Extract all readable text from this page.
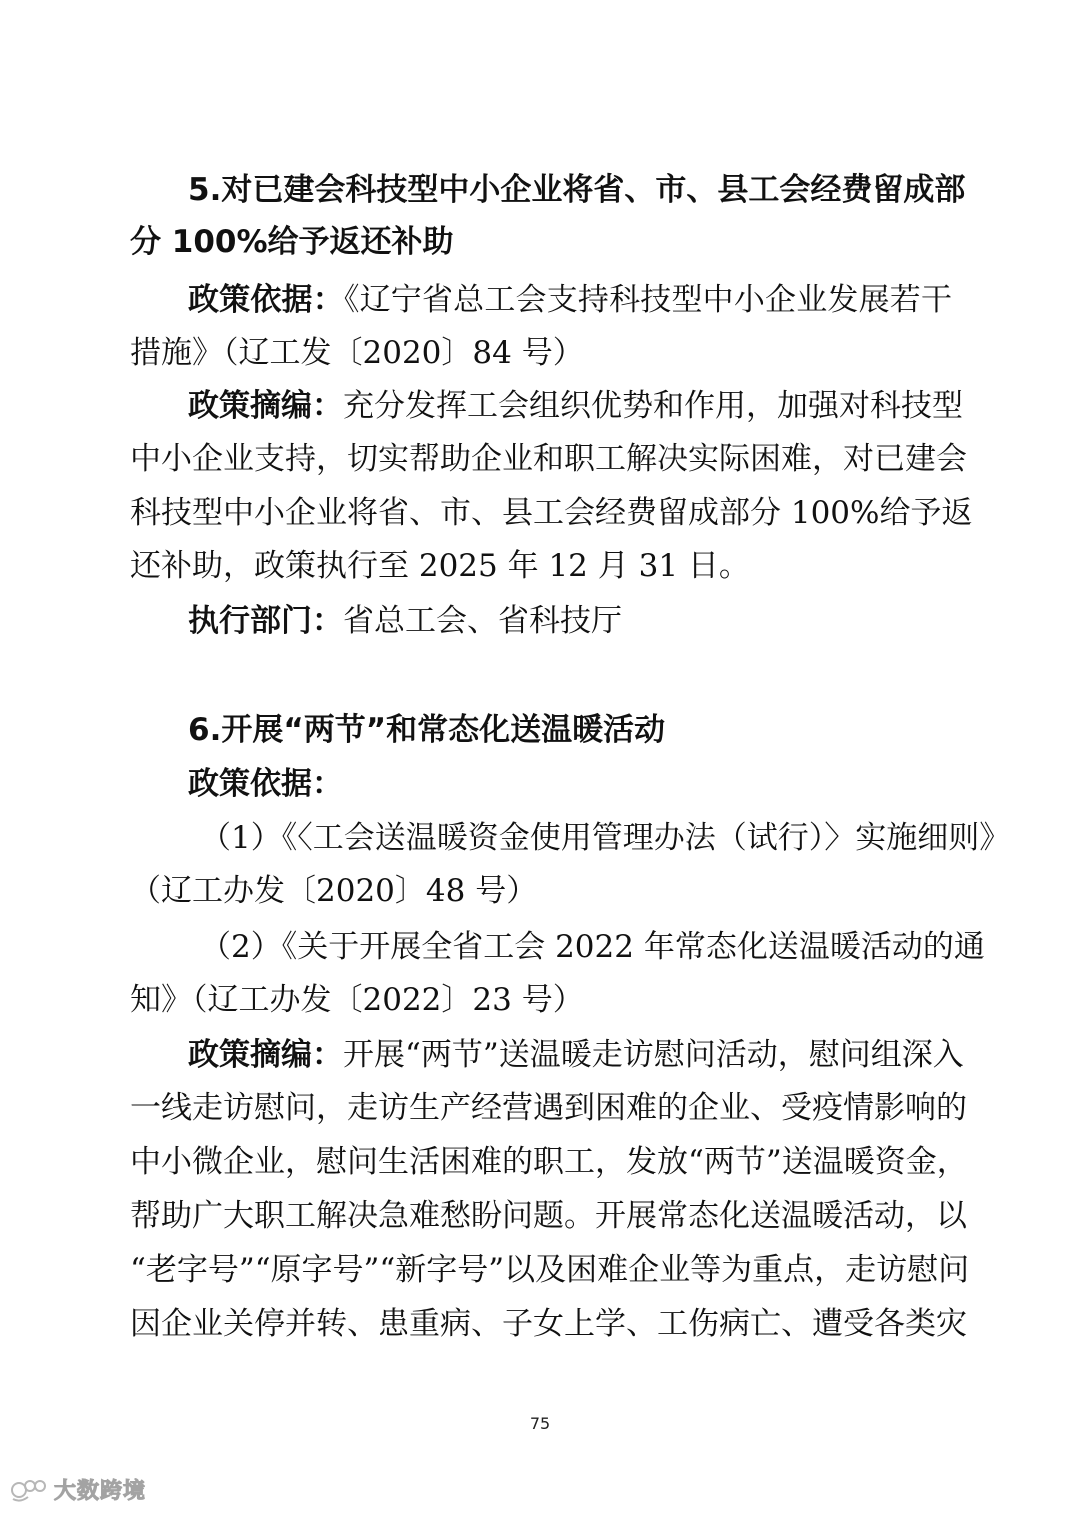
5.对已建会科技型中小企业将省、市、县工会经费留成部
分 100%给予返还补助
政策依据：《辽宁省总工会支持科技型中小企业发展若干
措施》（辽工发〔2020〕84 号）
政策摘编：充分发挥工会组织优势和作用，加强对科技型
中小企业支持，切实帮助企业和职工解决实际困难，对已建会
科技型中小企业将省、市、县工会经费留成部分 100%给予返
还补助，政策执行至 2025 年 12 月 31 日。
执行部门：省总工会、省科技厅
6.开展“两节”和常态化送温暖活动
政策依据：
（1）《〈工会送温暖资金使用管理办法（试行）〉实施细则》
（辽工办发〔2020〕48 号）
（2）《关于开展全省工会 2022 年常态化送温暖活动的通
知》（辽工办发〔2022〕23 号）
政策摘编：开展“两节”送温暖走访慰问活动，慰问组深入
一线走访慰问，走访生产经营遇到困难的企业、受疫情影响的
中小微企业，慰问生活困难的职工，发放“两节”送温暖资金，
帮助广大职工解决急难愁盼问题。开展常态化送温暖活动，以
“老字号”“原字号”“新字号”以及困难企业等为重点，走访慰问
因企业关停并转、患重病、子女上学、工伤病亡、遭受各类灾
75
大数跨境
